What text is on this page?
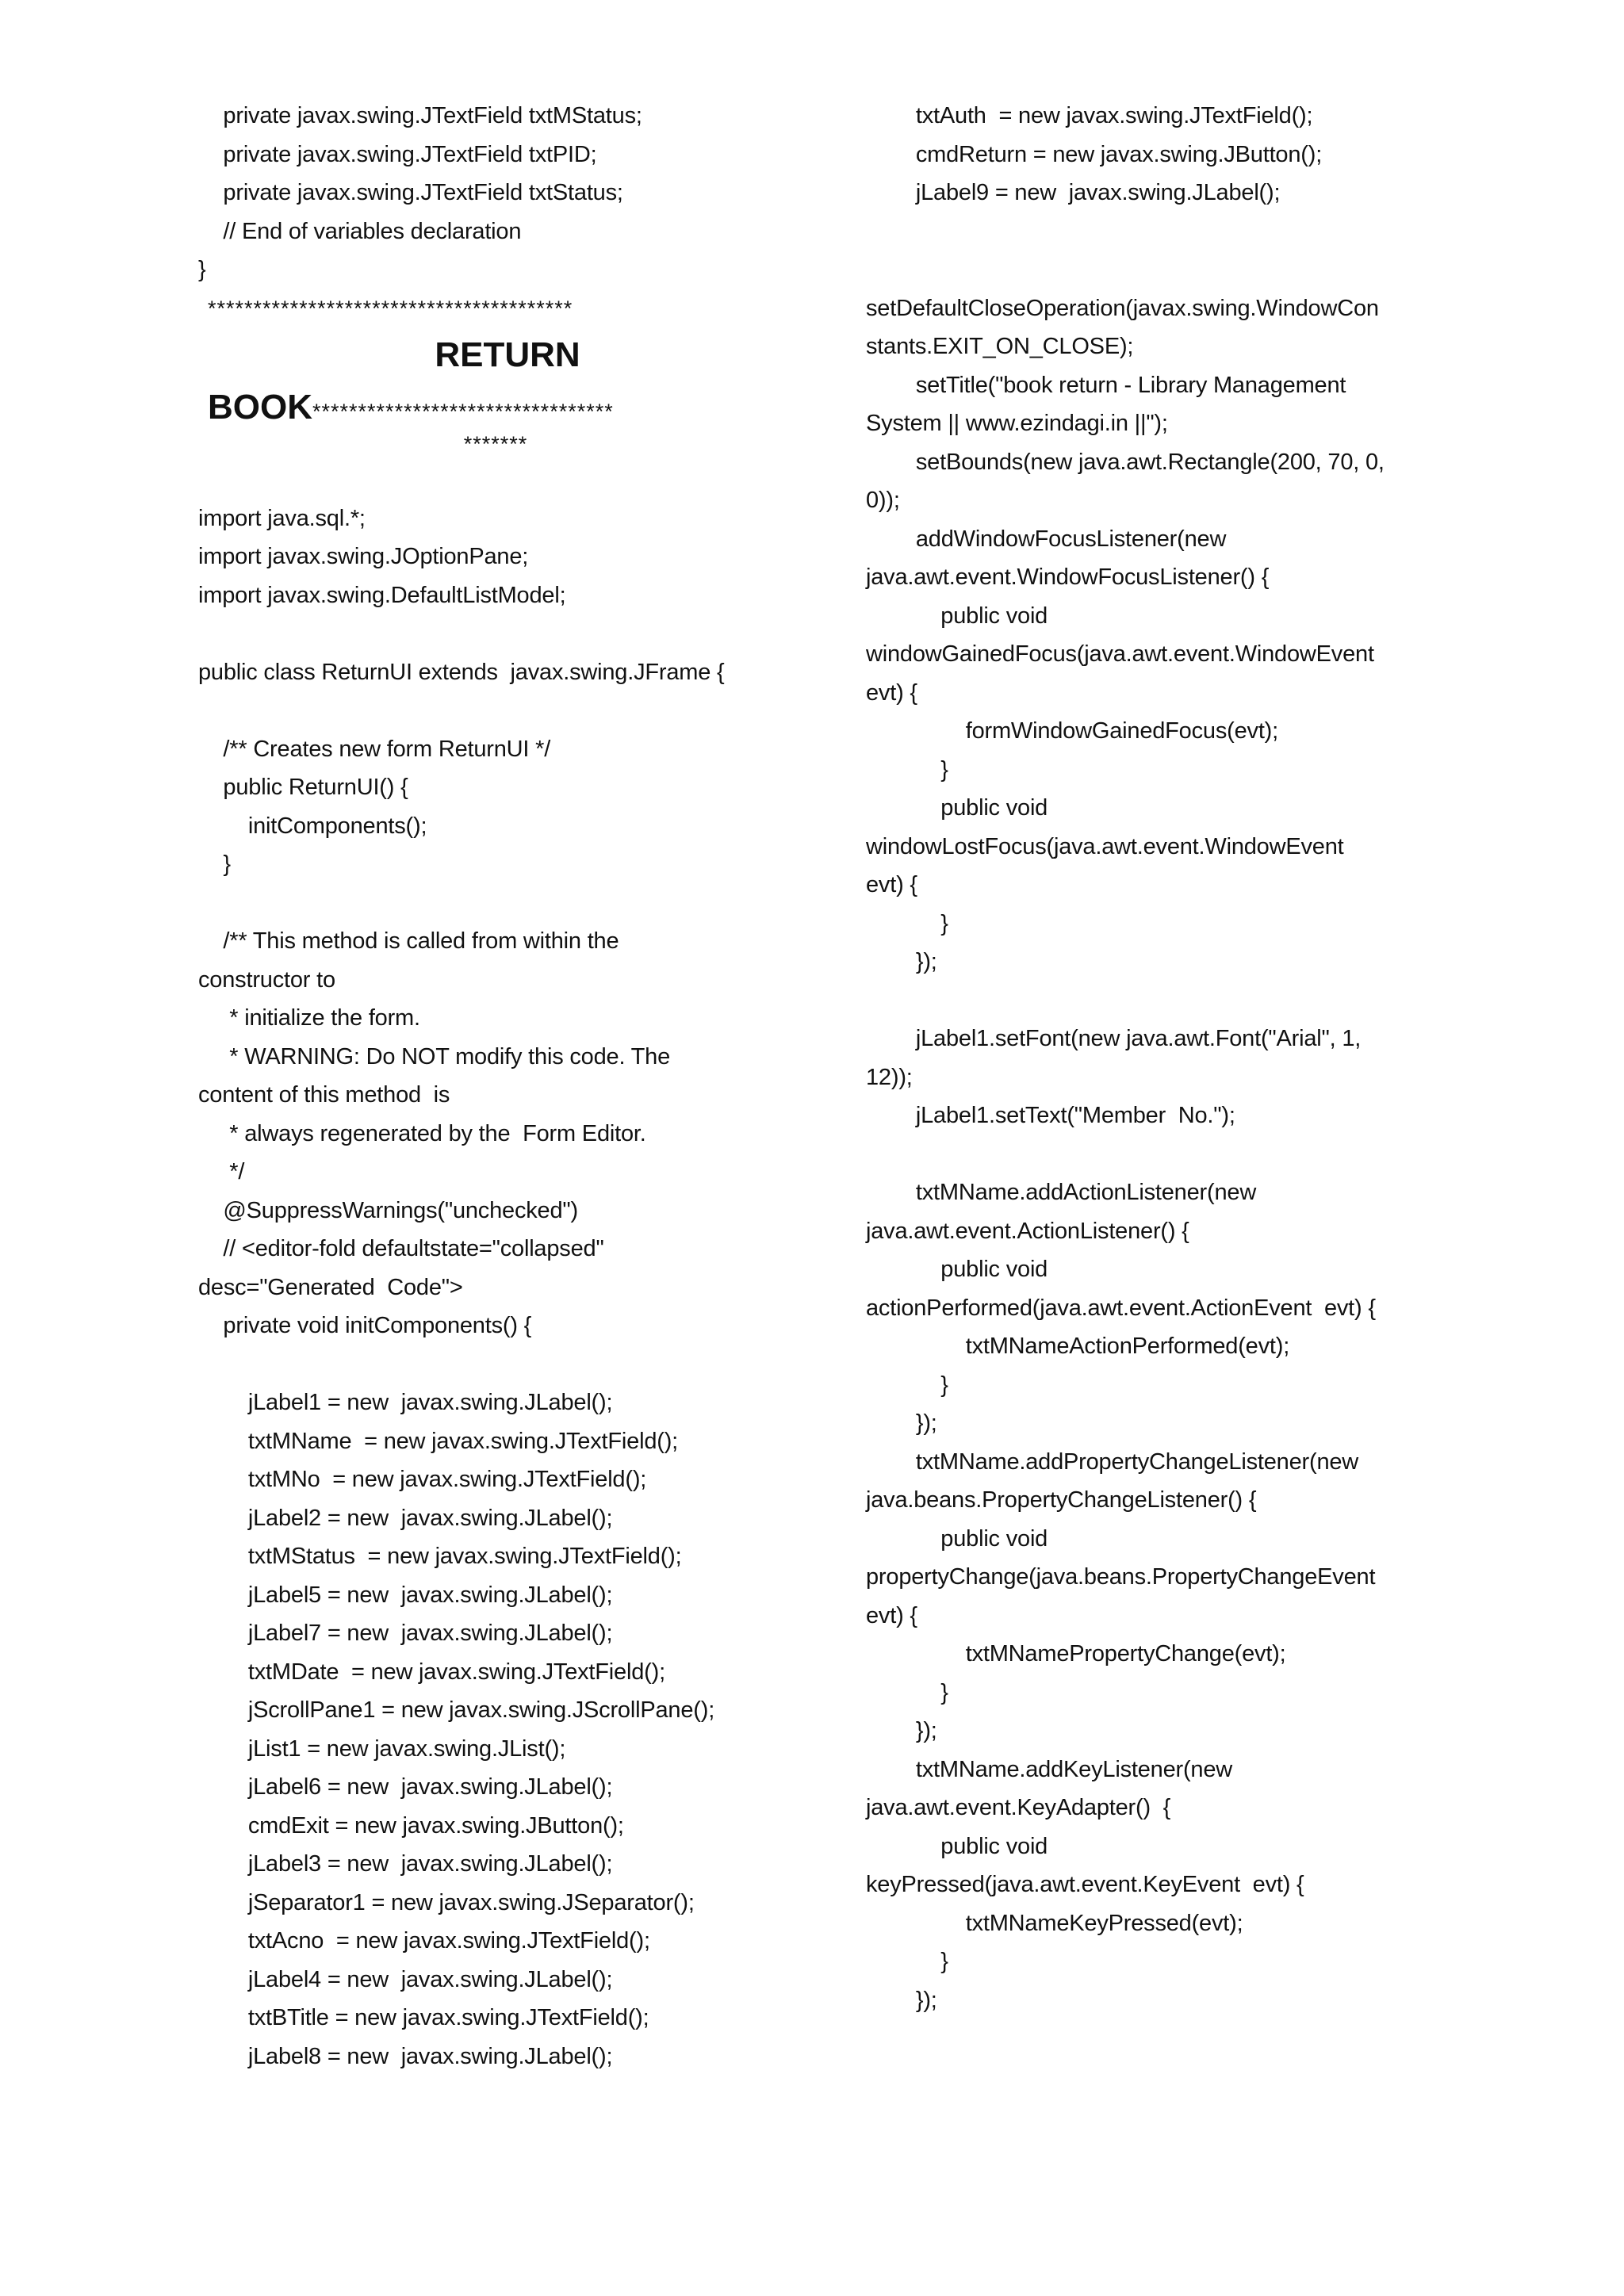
private javax.swing.JTextField txtMStatus;
private javax.swing.JTextField txtPID;
private javax.swing.JTextField txtStatus;
// End of variables declaration
}
****************************************
RETURN
BOOK*********************************
*******
import java.sql.*;
import javax.swing.JOptionPane;
import javax.swing.DefaultListModel;
public class ReturnUI extends  javax.swing.JFrame {
/** Creates new form ReturnUI */
public ReturnUI() {
initComponents();
}
/** This method is called from within the
constructor to
* initialize the form.
* WARNING: Do NOT modify this code. The
content of this method  is
* always regenerated by the  Form Editor.
*/
@SuppressWarnings("unchecked")
// <editor-fold defaultstate="collapsed"
desc="Generated  Code">
private void initComponents() {
jLabel1 = new  javax.swing.JLabel();
txtMName  = new javax.swing.JTextField();
txtMNo  = new javax.swing.JTextField();
jLabel2 = new  javax.swing.JLabel();
txtMStatus  = new javax.swing.JTextField();
jLabel5 = new  javax.swing.JLabel();
jLabel7 = new  javax.swing.JLabel();
txtMDate  = new javax.swing.JTextField();
jScrollPane1 = new javax.swing.JScrollPane();
jList1 = new javax.swing.JList();
jLabel6 = new  javax.swing.JLabel();
cmdExit = new javax.swing.JButton();
jLabel3 = new  javax.swing.JLabel();
jSeparator1 = new javax.swing.JSeparator();
txtAcno  = new javax.swing.JTextField();
jLabel4 = new  javax.swing.JLabel();
txtBTitle = new javax.swing.JTextField();
jLabel8 = new  javax.swing.JLabel();
txtAuth  = new javax.swing.JTextField();
cmdReturn = new javax.swing.JButton();
jLabel9 = new  javax.swing.JLabel();
setDefaultCloseOperation(javax.swing.WindowCon
stants.EXIT_ON_CLOSE);
setTitle("book return - Library Management
System || www.ezindagi.in ||");
setBounds(new java.awt.Rectangle(200, 70, 0,
0));
addWindowFocusListener(new
java.awt.event.WindowFocusListener() {
public void
windowGainedFocus(java.awt.event.WindowEvent
evt) {
formWindowGainedFocus(evt);
}
public void
windowLostFocus(java.awt.event.WindowEvent
evt) {
}
});
jLabel1.setFont(new java.awt.Font("Arial", 1,
12));
jLabel1.setText("Member  No.");
txtMName.addActionListener(new
java.awt.event.ActionListener() {
public void
actionPerformed(java.awt.event.ActionEvent  evt) {
txtMNameActionPerformed(evt);
}
});
txtMName.addPropertyChangeListener(new
java.beans.PropertyChangeListener() {
public void
propertyChange(java.beans.PropertyChangeEvent
evt) {
txtMNamePropertyChange(evt);
}
});
txtMName.addKeyListener(new
java.awt.event.KeyAdapter()  {
public void
keyPressed(java.awt.event.KeyEvent  evt) {
txtMNameKeyPressed(evt);
}
});
